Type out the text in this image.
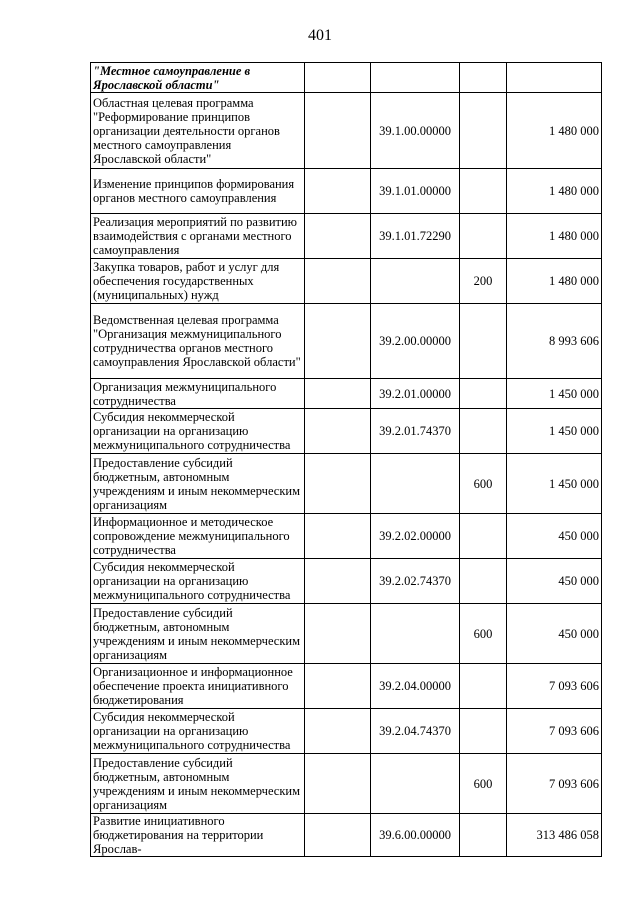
401
"Местное самоуправление в Ярославской области"				
Областная целевая программа "Реформирование принципов организации деятельности органов местного самоуправления Ярославской области"		39.1.00.00000		1 480 000
Изменение принципов формирования органов местного самоуправления		39.1.01.00000		1 480 000
Реализация мероприятий по развитию взаимодействия с органами местного самоуправления		39.1.01.72290		1 480 000
Закупка товаров, работ и услуг для обеспечения государственных (муниципальных) нужд			200	1 480 000
Ведомственная целевая программа "Организация межмуниципального сотрудничества органов местного самоуправления Ярославской области"		39.2.00.00000		8 993 606
Организация межмуниципального сотрудничества		39.2.01.00000		1 450 000
Субсидия некоммерческой организации на организацию межмуниципального сотрудничества		39.2.01.74370		1 450 000
Предоставление субсидий бюджетным, автономным учреждениям и иным некоммерческим организациям			600	1 450 000
Информационное и методическое сопровождение межмуниципального сотрудничества		39.2.02.00000		450 000
Субсидия некоммерческой организации на организацию межмуниципального сотрудничества		39.2.02.74370		450 000
Предоставление субсидий бюджетным, автономным учреждениям и иным некоммерческим организациям			600	450 000
Организационное и информационное обеспечение проекта инициативного бюджетирования		39.2.04.00000		7 093 606
Субсидия некоммерческой организации на организацию межмуниципального сотрудничества		39.2.04.74370		7 093 606
Предоставление субсидий бюджетным, автономным учреждениям и иным некоммерческим организациям			600	7 093 606
Развитие инициативного бюджетирования на территории Ярослав-		39.6.00.00000		313 486 058
